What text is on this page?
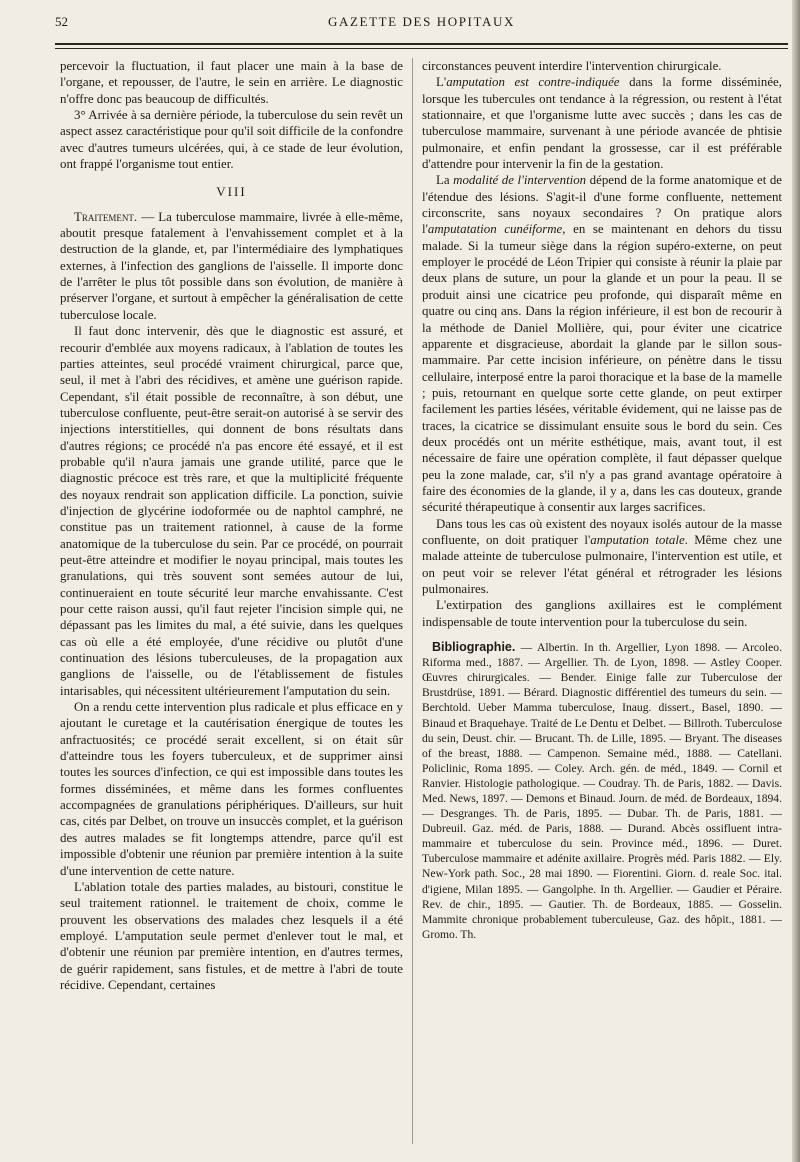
52	GAZETTE DES HOPITAUX

percevoir la fluctuation, il faut placer une main à la base de l'organe, et repousser, de l'autre, le sein en arrière. Le diagnostic n'offre donc pas beaucoup de difficultés.

3° Arrivée à sa dernière période, la tuberculose du sein revêt un aspect assez caractéristique pour qu'il soit difficile de la confondre avec d'autres tumeurs ulcérées, qui, à ce stade de leur évolution, ont frappé l'organisme tout entier.

VIII

Traitement. — La tuberculose mammaire, livrée à elle-même, aboutit presque fatalement à l'envahissement complet et à la destruction de la glande, et, par l'intermédiaire des lymphatiques externes, à l'infection des ganglions de l'aisselle. Il importe donc de l'arrêter le plus tôt possible dans son évolution, de manière à préserver l'organe, et surtout à empêcher la généralisation de cette tuberculose locale.

Il faut donc intervenir, dès que le diagnostic est assuré, et recourir d'emblée aux moyens radicaux, à l'ablation de toutes les parties atteintes, seul procédé vraiment chirurgical, parce que, seul, il met à l'abri des récidives, et amène une guérison rapide. Cependant, s'il était possible de reconnaître, à son début, une tuberculose confluente, peut-être serait-on autorisé à se servir des injections interstitielles, qui donnent de bons résultats dans d'autres régions; ce procédé n'a pas encore été essayé, et il est probable qu'il n'aura jamais une grande utilité, parce que le diagnostic précoce est très rare, et que la multiplicité fréquente des noyaux rendrait son application difficile. La ponction, suivie d'injection de glycérine iodoformée ou de naphtol camphré, ne constitue pas un traitement rationnel, à cause de la forme anatomique de la tuberculose du sein. Par ce procédé, on pourrait peut-être atteindre et modifier le noyau principal, mais toutes les granulations, qui très souvent sont semées autour de lui, continueraient en toute sécurité leur marche envahissante. C'est pour cette raison aussi, qu'il faut rejeter l'incision simple qui, ne dépassant pas les limites du mal, a été suivie, dans les quelques cas où elle a été employée, d'une récidive ou plutôt d'une continuation des lésions tuberculeuses, de la propagation aux ganglions de l'aisselle, ou de l'établissement de fistules intarisables, qui nécessitent ultérieurement l'amputation du sein.

On a rendu cette intervention plus radicale et plus efficace en y ajoutant le curetage et la cautérisation énergique de toutes les anfractuosités; ce procédé serait excellent, si on était sûr d'atteindre tous les foyers tuberculeux, et de supprimer ainsi toutes les sources d'infection, ce qui est impossible dans toutes les formes disséminées, et même dans les formes confluentes accompagnées de granulations périphériques. D'ailleurs, sur huit cas, cités par Delbet, on trouve un insuccès complet, et la guérison des autres malades se fit longtemps attendre, parce qu'il est impossible d'obtenir une réunion par première intention à la suite d'une intervention de cette nature.

L'ablation totale des parties malades, au bistouri, constitue le seul traitement rationnel. le traitement de choix, comme le prouvent les observations des malades chez lesquels il a été employé. L'amputation seule permet d'enlever tout le mal, et d'obtenir une réunion par première intention, en d'autres termes, de guérir rapidement, sans fistules, et de mettre à l'abri de toute récidive. Cependant, certaines

circonstances peuvent interdire l'intervention chirurgicale.

L'amputation est contre-indiquée dans la forme disséminée, lorsque les tubercules ont tendance à la régression, ou restent à l'état stationnaire, et que l'organisme lutte avec succès ; dans les cas de tuberculose mammaire, survenant à une période avancée de phtisie pulmonaire, et enfin pendant la grossesse, car il est préférable d'attendre pour intervenir la fin de la gestation.

La modalité de l'intervention dépend de la forme anatomique et de l'étendue des lésions. S'agit-il d'une forme confluente, nettement circonscrite, sans noyaux secondaires ? On pratique alors l'amputatation cunéiforme, en se maintenant en dehors du tissu malade. Si la tumeur siège dans la région supéro-externe, on peut employer le procédé de Léon Tripier qui consiste à réunir la plaie par deux plans de suture, un pour la glande et un pour la peau. Il se produit ainsi une cicatrice peu profonde, qui disparaît même en quatre ou cinq ans. Dans la région inférieure, il est bon de recourir à la méthode de Daniel Mollière, qui, pour éviter une cicatrice apparente et disgracieuse, abordait la glande par le sillon sous-mammaire. Par cette incision inférieure, on pénètre dans le tissu cellulaire, interposé entre la paroi thoracique et la base de la mamelle ; puis, retournant en quelque sorte cette glande, on peut extirper facilement les parties lésées, véritable évidement, qui ne laisse pas de traces, la cicatrice se dissimulant ensuite sous le bord du sein. Ces deux procédés ont un mérite esthétique, mais, avant tout, il est nécessaire de faire une opération complète, il faut dépasser quelque peu la zone malade, car, s'il n'y a pas grand avantage opératoire à faire des économies de la glande, il y a, dans les cas douteux, grande sécurité thérapeutique à consentir aux larges sacrifices.

Dans tous les cas où existent des noyaux isolés autour de la masse confluente, on doit pratiquer l'amputation totale. Même chez une malade atteinte de tuberculose pulmonaire, l'intervention est utile, et on peut voir se relever l'état général et rétrograder les lésions pulmonaires.

L'extirpation des ganglions axillaires est le complément indispensable de toute intervention pour la tuberculose du sein.

Bibliographie. — Albertin. In th. Argellier, Lyon 1898. — Arcoleo. Riforma med., 1887. — Argellier. Th. de Lyon, 1898. — Astley Cooper. Œuvres chirurgicales. — Bender. Einige falle zur Tuberculose der Brustdrüse, 1891. — Bérard. Diagnostic différentiel des tumeurs du sein. — Berchtold. Ueber Mamma tuberculose, Inaug. dissert., Basel, 1890. — Binaud et Braquehaye. Traité de Le Dentu et Delbet. — Billroth. Tuberculose du sein, Deust. chir. — Brucant. Th. de Lille, 1895. — Bryant. The diseases of the breast, 1888. — Campenon. Semaine méd., 1888. — Catellani. Policlinic, Roma 1895. — Coley. Arch. gén. de méd., 1849. — Cornil et Ranvier. Histologie pathologique. — Coudray. Th. de Paris, 1882. — Davis. Med. News, 1897. — Demons et Binaud. Journ. de méd. de Bordeaux, 1894. — Desgranges. Th. de Paris, 1895. — Dubar. Th. de Paris, 1881. — Dubreuil. Gaz. méd. de Paris, 1888. — Durand. Abcès ossifluent intra-mammaire et tuberculose du sein. Province méd., 1896. — Duret. Tuberculose mammaire et adénite axillaire. Progrès méd. Paris 1882. — Ely. New-York path. Soc., 28 mai 1890. — Fiorentini. Giorn. d. reale Soc. ital. d'igiene, Milan 1895. — Gangolphe. In th. Argellier. — Gaudier et Péraire. Rev. de chir., 1895. — Gautier. Th. de Bordeaux, 1885. — Gosselin. Mammite chronique probablement tuberculeuse, Gaz. des hôpit., 1881. — Gromo. Th.
